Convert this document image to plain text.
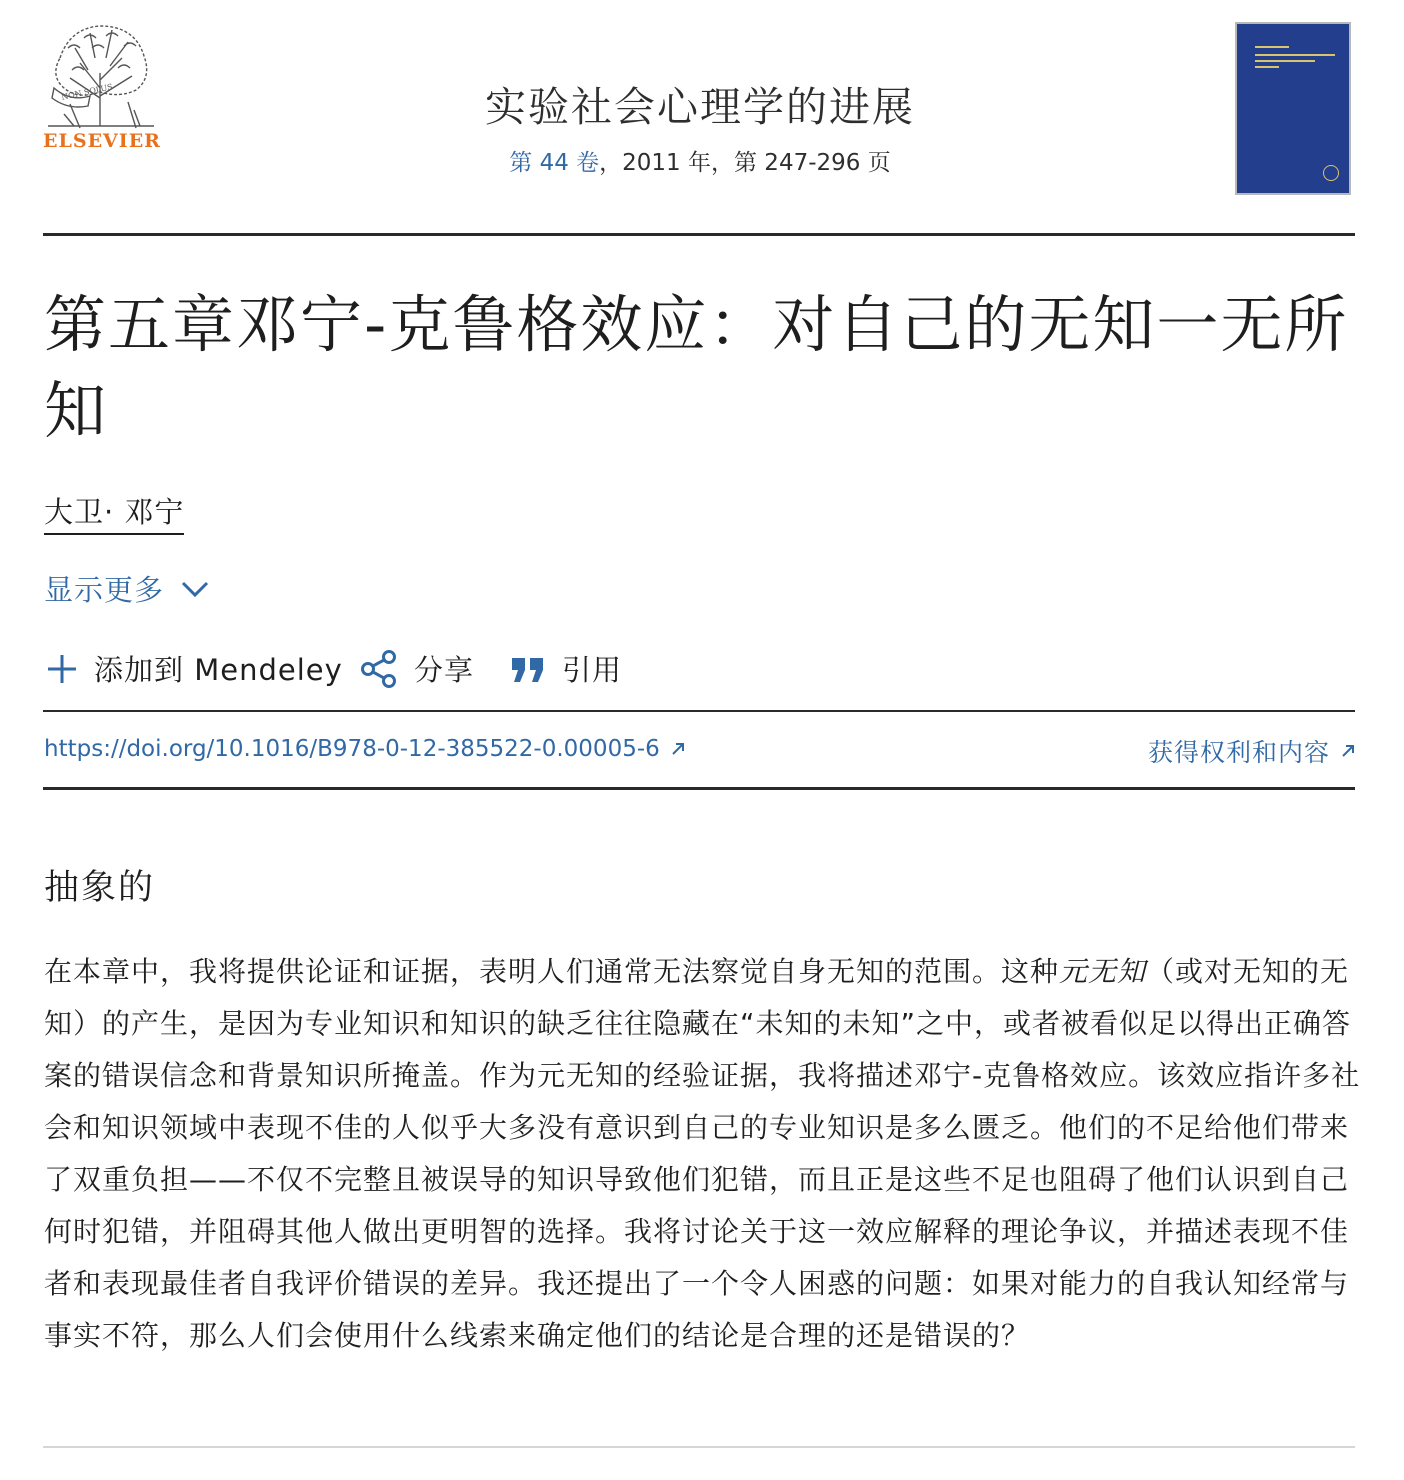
NON SOLUS
ELSEVIER
实验社会心理学的进展
第 44 卷，2011 年，第 247-296 页
第五章邓宁-克鲁格效应：对自己的无知一无所知
大卫· 邓宁
显示更多
添加到 Mendeley 分享	引用
https://doi.org/10.1016/B978-0-12-385522-0.00005-6	获得权利和内容
抽象的

在本章中，我将提供论证和证据，表明人们通常无法察觉自身无知的范围。这种元无知（或对无知的无知）的产生，是因为专业知识和知识的缺乏往往隐藏在“未知的未知”之中，或者被看似足以得出正确答案的错误信念和背景知识所掩盖。作为元无知的经验证据，我将描述邓宁-克鲁格效应。该效应指许多社会和知识领域中表现不佳的人似乎大多没有意识到自己的专业知识是多么匮乏。他们的不足给他们带来了双重负担——不仅不完整且被误导的知识导致他们犯错，而且正是这些不足也阻碍了他们认识到自己何时犯错，并阻碍其他人做出更明智的选择。我将讨论关于这一效应解释的理论争议，并描述表现不佳者和表现最佳者自我评价错误的差异。我还提出了一个令人困惑的问题：如果对能力的自我认知经常与事实不符，那么人们会使用什么线索来确定他们的结论是合理的还是错误的？
